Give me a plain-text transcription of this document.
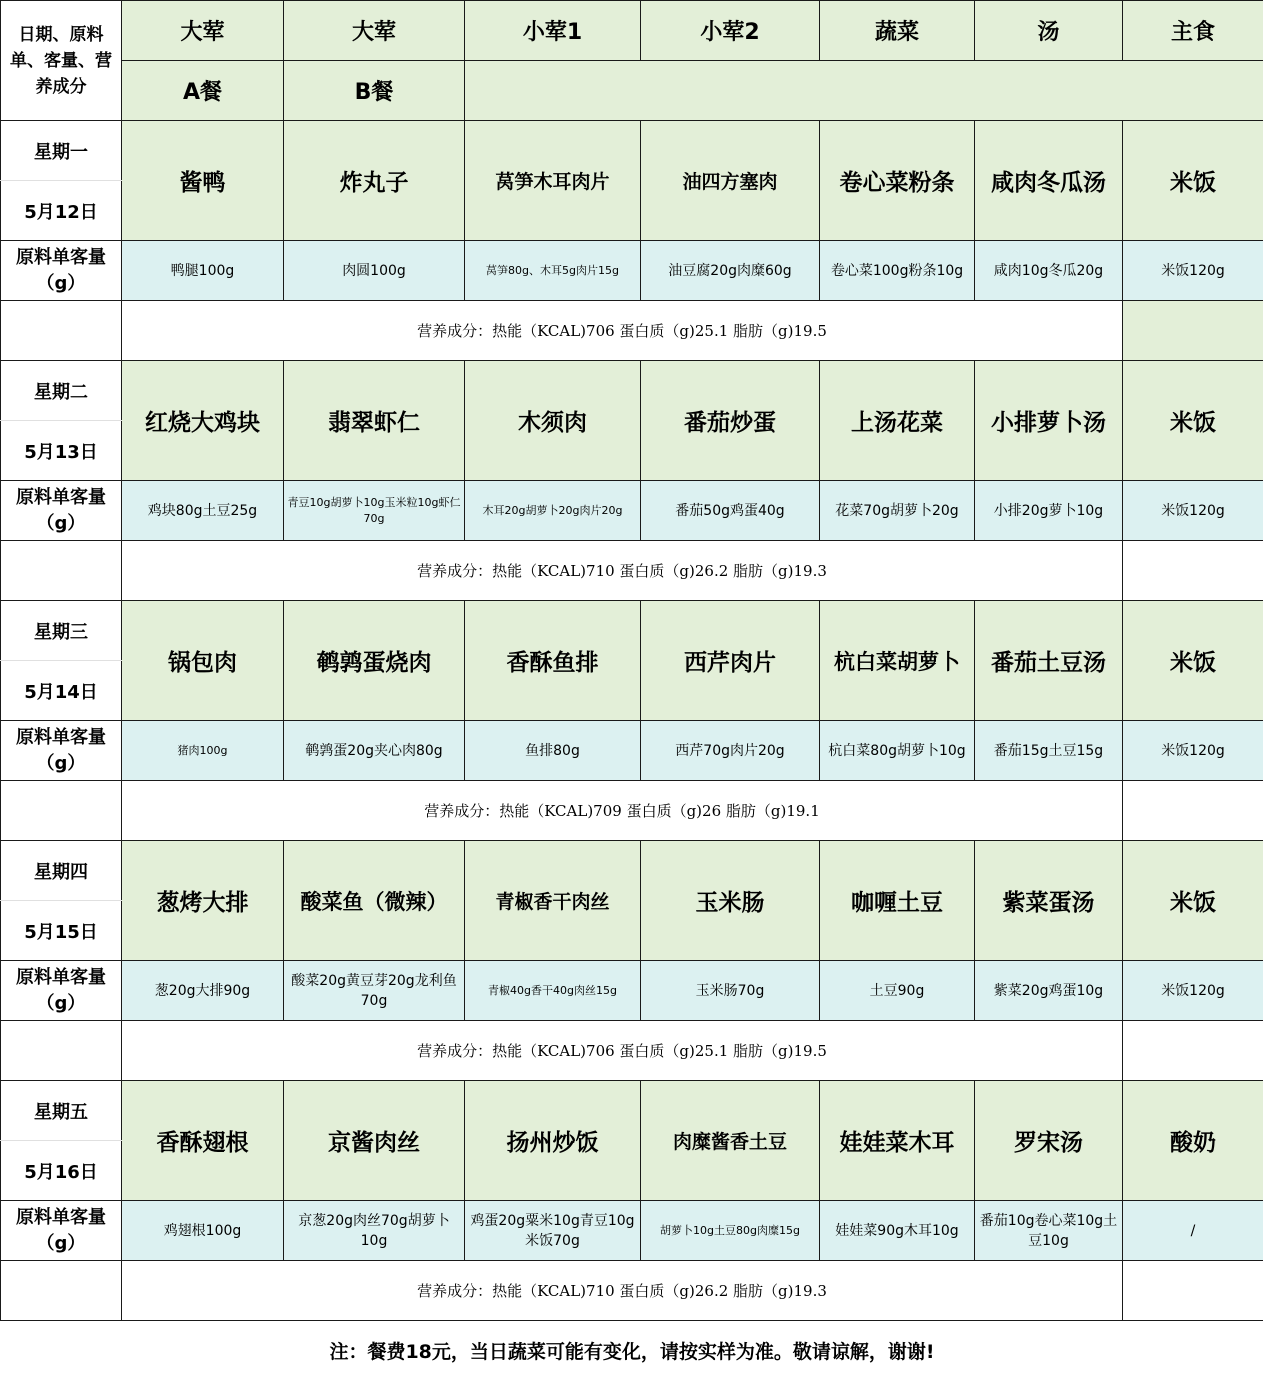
日期、原料单、客量、营养成分	大荤	大荤	小荤1	小荤2	蔬菜	汤	主食
	A餐	B餐					
星期一	酱鸭	炸丸子	莴笋木耳肉片	油四方塞肉	卷心菜粉条	咸肉冬瓜汤	米饭
5月12日							
原料单客量（g）	鸭腿100g	肉圆100g	莴笋80g、木耳5g肉片15g	油豆腐20g肉糜60g	卷心菜100g粉条10g	咸肉10g冬瓜20g	米饭120g
	营养成分：热能（KCAL)706 蛋白质（g)25.1 脂肪（g)19.5						
星期二	红烧大鸡块	翡翠虾仁	木须肉	番茄炒蛋	上汤花菜	小排萝卜汤	米饭
5月13日							
原料单客量（g）	鸡块80g土豆25g	青豆10g胡萝卜10g玉米粒10g虾仁70g	木耳20g胡萝卜20g肉片20g	番茄50g鸡蛋40g	花菜70g胡萝卜20g	小排20g萝卜10g	米饭120g
	营养成分：热能（KCAL)710 蛋白质（g)26.2 脂肪（g)19.3						
星期三	锅包肉	鹌鹑蛋烧肉	香酥鱼排	西芹肉片	杭白菜胡萝卜	番茄土豆汤	米饭
5月14日							
原料单客量（g）	猪肉100g	鹌鹑蛋20g夹心肉80g	鱼排80g	西芹70g肉片20g	杭白菜80g胡萝卜10g	番茄15g土豆15g	米饭120g
	营养成分：热能（KCAL)709 蛋白质（g)26 脂肪（g)19.1						
星期四	葱烤大排	酸菜鱼（微辣）	青椒香干肉丝	玉米肠	咖喱土豆	紫菜蛋汤	米饭
5月15日							
原料单客量（g）	葱20g大排90g	酸菜20g黄豆芽20g龙利鱼70g	青椒40g香干40g肉丝15g	玉米肠70g	土豆90g	紫菜20g鸡蛋10g	米饭120g
	营养成分：热能（KCAL)706 蛋白质（g)25.1 脂肪（g)19.5						
星期五	香酥翅根	京酱肉丝	扬州炒饭	肉糜酱香土豆	娃娃菜木耳	罗宋汤	酸奶
5月16日							
原料单客量（g）	鸡翅根100g	京葱20g肉丝70g胡萝卜10g	鸡蛋20g粟米10g青豆10g米饭70g	胡萝卜10g土豆80g肉糜15g	娃娃菜90g木耳10g	番茄10g卷心菜10g土豆10g	/
	营养成分：热能（KCAL)710 蛋白质（g)26.2 脂肪（g)19.3						
注：餐费18元，当日蔬菜可能有变化，请按实样为准。敬请谅解，谢谢!							
